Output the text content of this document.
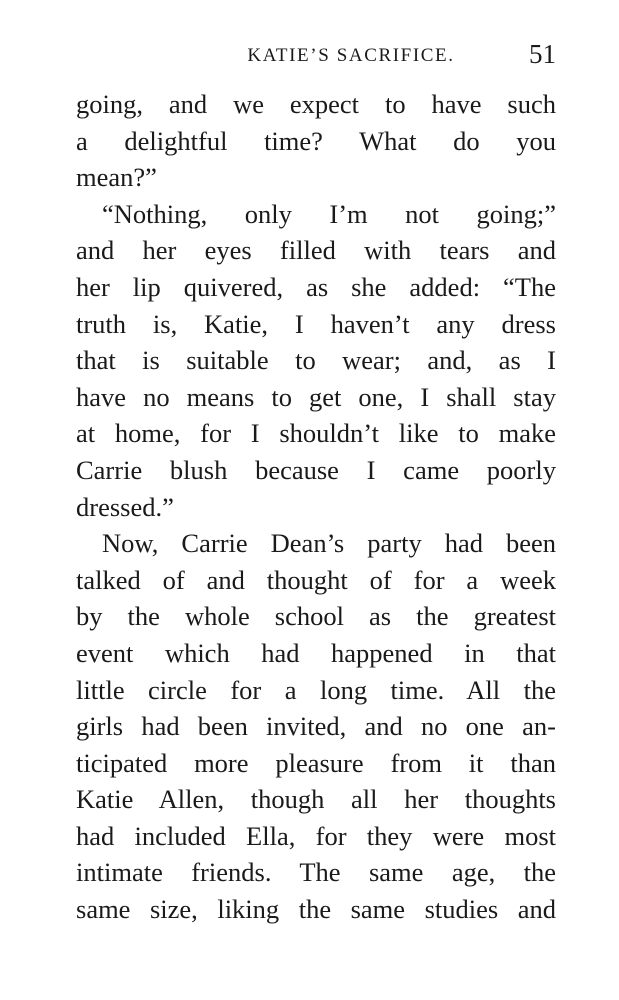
KATIE’S SACRIFICE.	51
going, and we expect to have such
a delightful time? What do you
mean?”
“Nothing, only I’m not going;”
and her eyes filled with tears and
her lip quivered, as she added: “The
truth is, Katie, I haven’t any dress
that is suitable to wear; and, as I
have no means to get one, I shall stay
at home, for I shouldn’t like to make
Carrie blush because I came poorly
dressed.”
Now, Carrie Dean’s party had been
talked of and thought of for a week
by the whole school as the greatest
event which had happened in that
little circle for a long time. All the
girls had been invited, and no one an-
ticipated more pleasure from it than
Katie Allen, though all her thoughts
had included Ella, for they were most
intimate friends. The same age, the
same size, liking the same studies and
